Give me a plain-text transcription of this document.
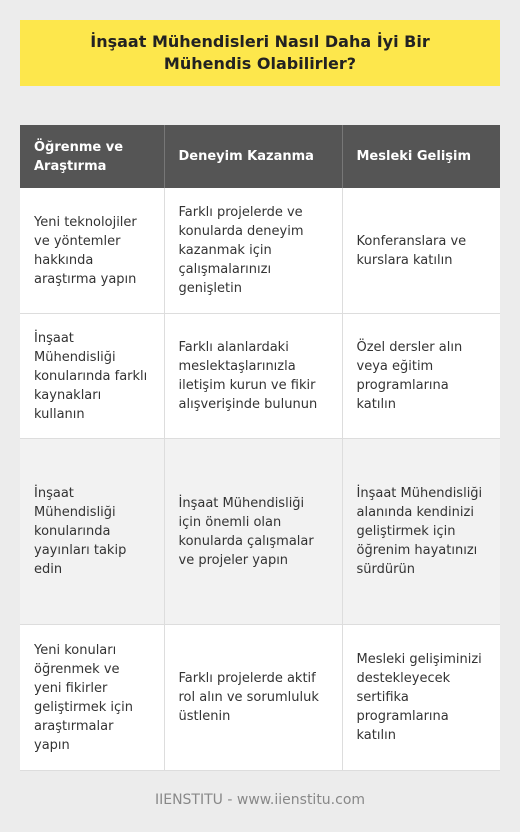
İnşaat Mühendisleri Nasıl Daha İyi Bir Mühendis Olabilirler?
Öğrenme ve Araştırma	Deneyim Kazanma	Mesleki Gelişim
Yeni teknolojiler ve yöntemler hakkında araştırma yapın	Farklı projelerde ve konularda deneyim kazanmak için çalışmalarınızı genişletin	Konferanslara ve kurslara katılın
İnşaat Mühendisliği konularında farklı kaynakları kullanın	Farklı alanlardaki meslektaşlarınızla iletişim kurun ve fikir alışverişinde bulunun	Özel dersler alın veya eğitim programlarına katılın
İnşaat Mühendisliği konularında yayınları takip edin	İnşaat Mühendisliği için önemli olan konularda çalışmalar ve projeler yapın	İnşaat Mühendisliği alanında kendinizi geliştirmek için öğrenim hayatınızı sürdürün
Yeni konuları öğrenmek ve yeni fikirler geliştirmek için araştırmalar yapın	Farklı projelerde aktif rol alın ve sorumluluk üstlenin	Mesleki gelişiminizi destekleyecek sertifika programlarına katılın
IIENSTITU - www.iienstitu.com
